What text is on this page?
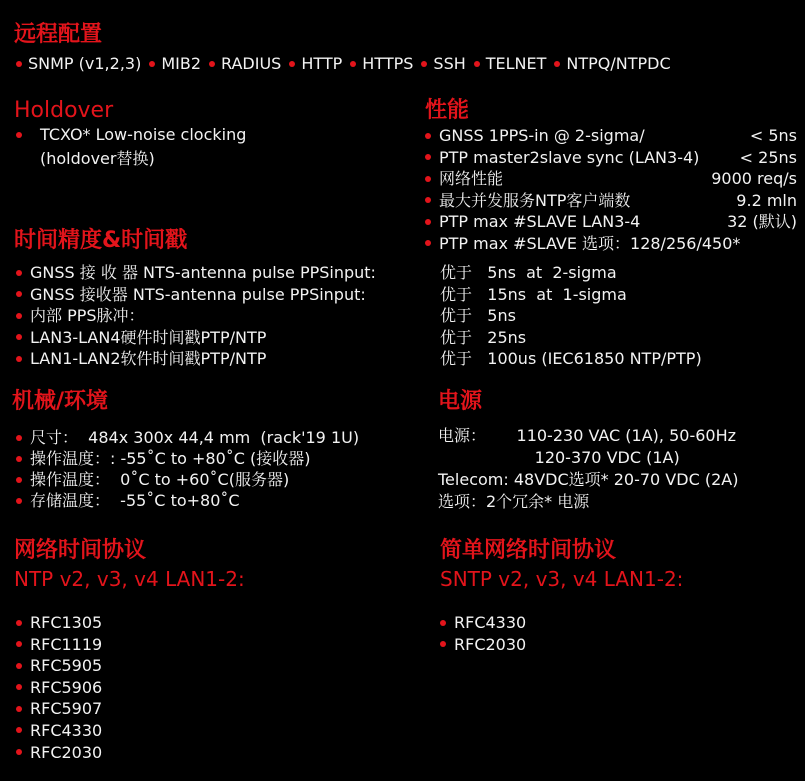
远程配置
SNMP (v1,2,3)	MIB2	RADIUS	HTTP	HTTPS	SSH	TELNET	NTPQ/NTPDC
Holdover
TCXO* Low-noise clocking
(holdover替换)
性能
GNSS 1PPS-in @ 2-sigma/	< 5ns
PTP master2slave sync (LAN3-4)	< 25ns
网络性能	9000 req/s
最大并发服务NTP客户端数	9.2 mln
PTP max #SLAVE LAN3-4	32 (默认)
PTP max #SLAVE 选项：128/256/450*
时间精度&时间戳
GNSS 接 收 器 NTS-antenna pulse PPSinput:	优于   5ns  at  2-sigma
GNSS 接收器 NTS-antenna pulse PPSinput:	优于   15ns  at  1-sigma
内部 PPS脉冲：	优于   5ns
LAN3-LAN4硬件时间戳PTP/NTP	优于   25ns
LAN1-LAN2软件时间戳PTP/NTP	优于   100us (IEC61850 NTP/PTP)
机械/环境
尺寸：  484x 300x 44,4 mm  (rack'19 1U)
操作温度：: -55˚C to +80˚C (接收器)
操作温度：  0˚C to +60˚C(服务器)
存储温度：  -55˚C to+80˚C
电源
电源：      110-230 VAC (1A), 50-60Hz
120-370 VDC (1A)
Telecom: 48VDC选项* 20-70 VDC (2A)
选项：2个冗余* 电源
网络时间协议
NTP v2, v3, v4 LAN1-2:
RFC1305
RFC1119
RFC5905
RFC5906
RFC5907
RFC4330
RFC2030
简单网络时间协议
SNTP v2, v3, v4 LAN1-2:
RFC4330
RFC2030
